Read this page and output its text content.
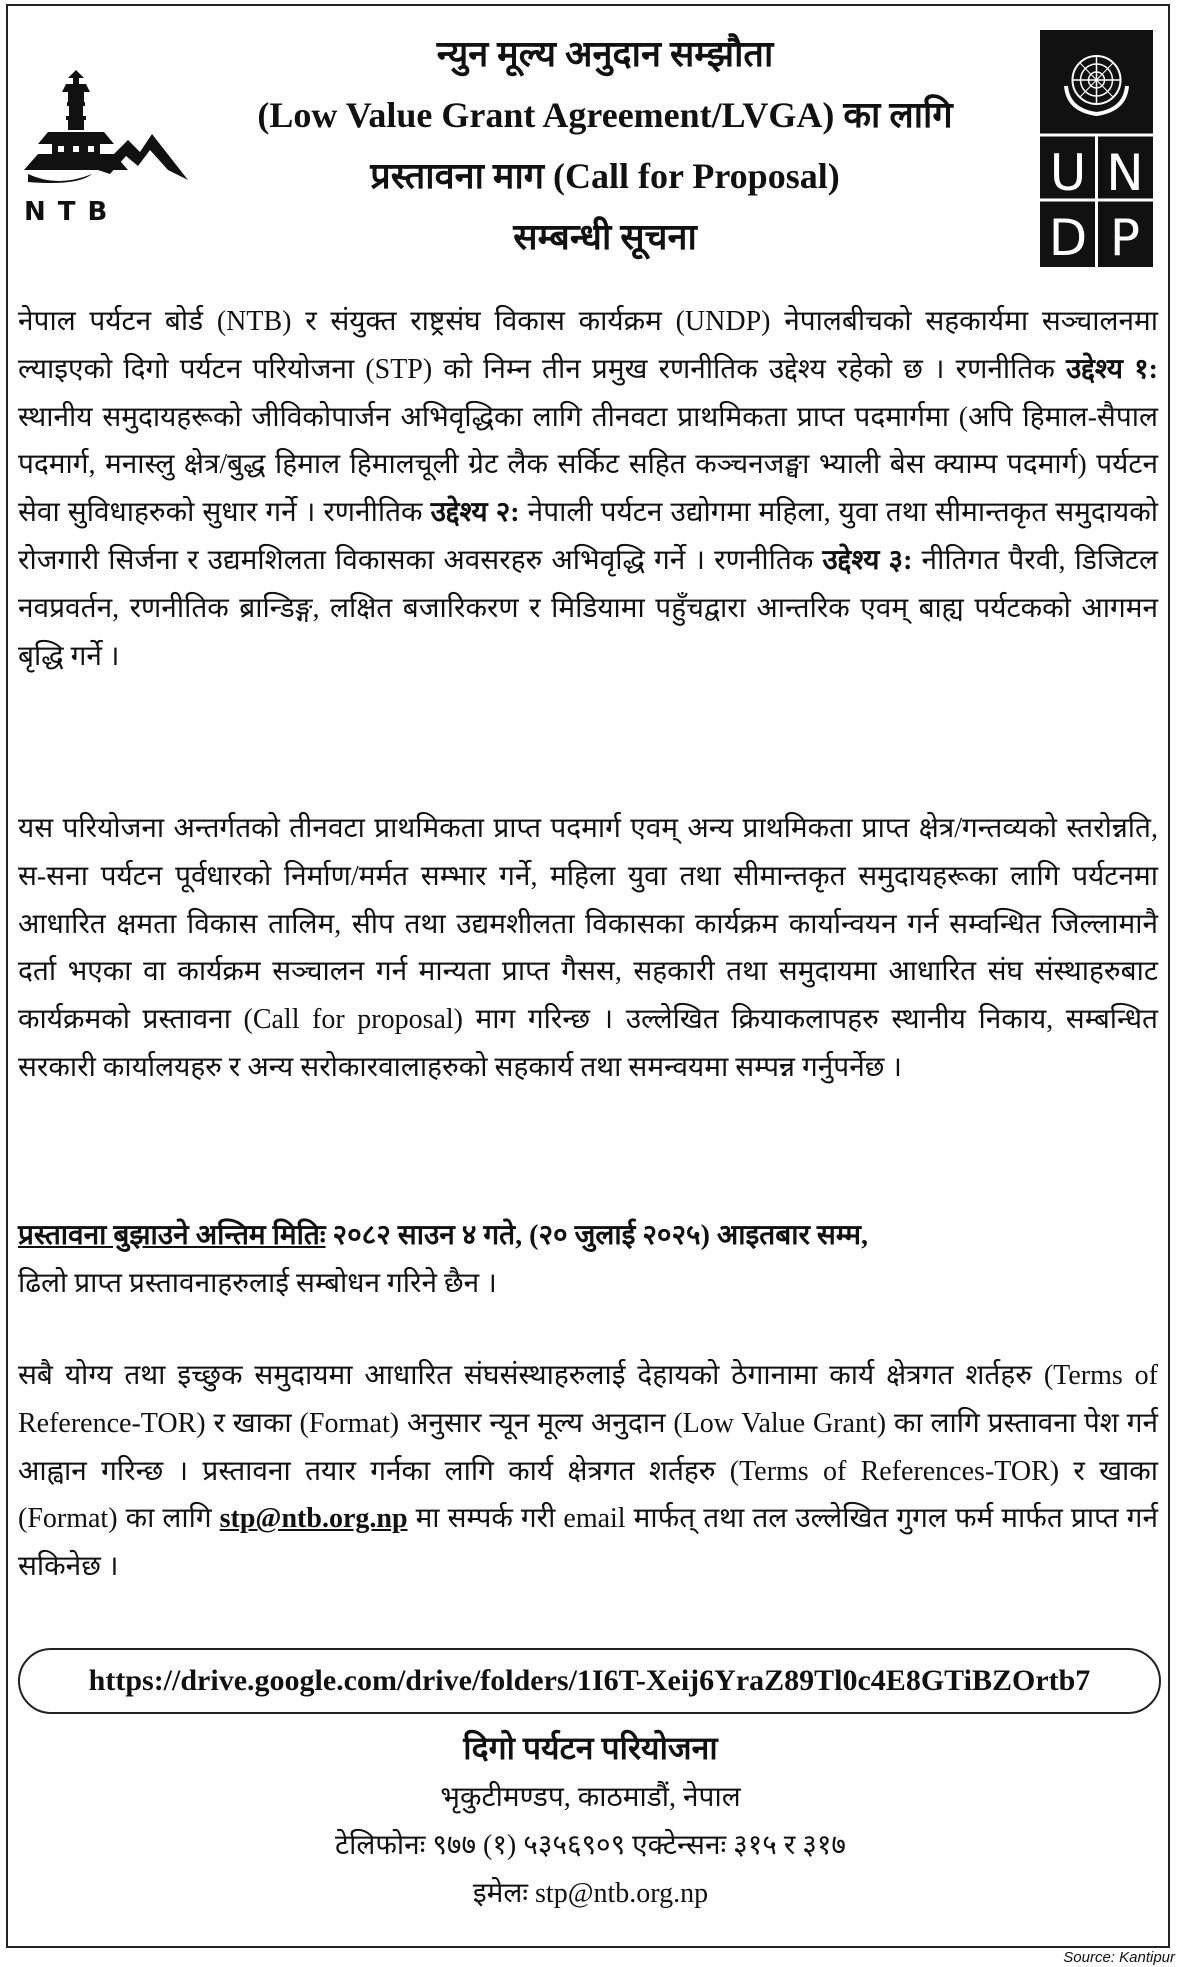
NTB
U N
D P
न्युन मूल्य अनुदान सम्झौता
(Low Value Grant Agreement/LVGA) का लागि
प्रस्तावना माग (Call for Proposal)
सम्बन्धी सूचना
नेपाल पर्यटन बोर्ड (NTB) र संयुक्त राष्ट्रसंघ विकास कार्यक्रम (UNDP) नेपालबीचको सहकार्यमा सञ्चालनमा ल्याइएको दिगो पर्यटन परियोजना (STP) को निम्न तीन प्रमुख रणनीतिक उद्देश्य रहेको छ । रणनीतिक उद्देश्य १: स्थानीय समुदायहरूको जीविकोपार्जन अभिवृद्धिका लागि तीनवटा प्राथमिकता प्राप्त पदमार्गमा (अपि हिमाल-सैपाल पदमार्ग, मनास्लु क्षेत्र/बुद्ध हिमाल हिमालचूली ग्रेट लैक सर्किट सहित कञ्चनजङ्घा भ्याली बेस क्याम्प पदमार्ग) पर्यटन सेवा सुविधाहरुको सुधार गर्ने । रणनीतिक उद्देश्य २: नेपाली पर्यटन उद्योगमा महिला, युवा तथा सीमान्तकृत समुदायको रोजगारी सिर्जना र उद्यमशिलता विकासका अवसरहरु अभिवृद्धि गर्ने । रणनीतिक उद्देश्य ३: नीतिगत पैरवी, डिजिटल नवप्रवर्तन, रणनीतिक ब्रान्डिङ्ग, लक्षित बजारिकरण र मिडियामा पहुँचद्वारा आन्तरिक एवम् बाह्य पर्यटकको आगमन बृद्धि गर्ने ।
यस परियोजना अन्तर्गतको तीनवटा प्राथमिकता प्राप्त पदमार्ग एवम् अन्य प्राथमिकता प्राप्त क्षेत्र/गन्तव्यको स्तरोन्नति, स-सना पर्यटन पूर्वधारको निर्माण/मर्मत सम्भार गर्ने, महिला युवा तथा सीमान्तकृत समुदायहरूका लागि पर्यटनमा आधारित क्षमता विकास तालिम, सीप तथा उद्यमशीलता विकासका कार्यक्रम कार्यान्वयन गर्न सम्वन्धित जिल्लामानै दर्ता भएका वा कार्यक्रम सञ्चालन गर्न मान्यता प्राप्त गैसस, सहकारी तथा समुदायमा आधारित संघ संस्थाहरुबाट कार्यक्रमको प्रस्तावना (Call for proposal) माग गरिन्छ । उल्लेखित क्रियाकलापहरु स्थानीय निकाय, सम्बन्धित सरकारी कार्यालयहरु र अन्य सरोकारवालाहरुको सहकार्य तथा समन्वयमा सम्पन्न गर्नुपर्नेछ ।
प्रस्तावना बुझाउने अन्तिम मितिः २०८२ साउन ४ गते, (२० जुलाई २०२५) आइतबार सम्म,
ढिलो प्राप्त प्रस्तावनाहरुलाई सम्बोधन गरिने छैन ।
सबै योग्य तथा इच्छुक समुदायमा आधारित संघसंस्थाहरुलाई देहायको ठेगानामा कार्य क्षेत्रगत शर्तहरु (Terms of Reference-TOR) र खाका (Format) अनुसार न्यून मूल्य अनुदान (Low Value Grant) का लागि प्रस्तावना पेश गर्न आह्वान गरिन्छ । प्रस्तावना तयार गर्नका लागि कार्य क्षेत्रगत शर्तहरु (Terms of References-TOR) र खाका (Format) का लागि stp@ntb.org.np मा सम्पर्क गरी email मार्फत् तथा तल उल्लेखित गुगल फर्म मार्फत प्राप्त गर्न सकिनेछ ।
https://drive.google.com/drive/folders/1I6T-Xeij6YraZ89Tl0c4E8GTiBZOrtb7
दिगो पर्यटन परियोजना
भृकुटीमण्डप, काठमाडौं, नेपाल
टेलिफोनः ९७७ (१) ५३५६९०९ एक्टेन्सनः ३१५ र ३१७
इमेलः stp@ntb.org.np
Source: Kantipur
